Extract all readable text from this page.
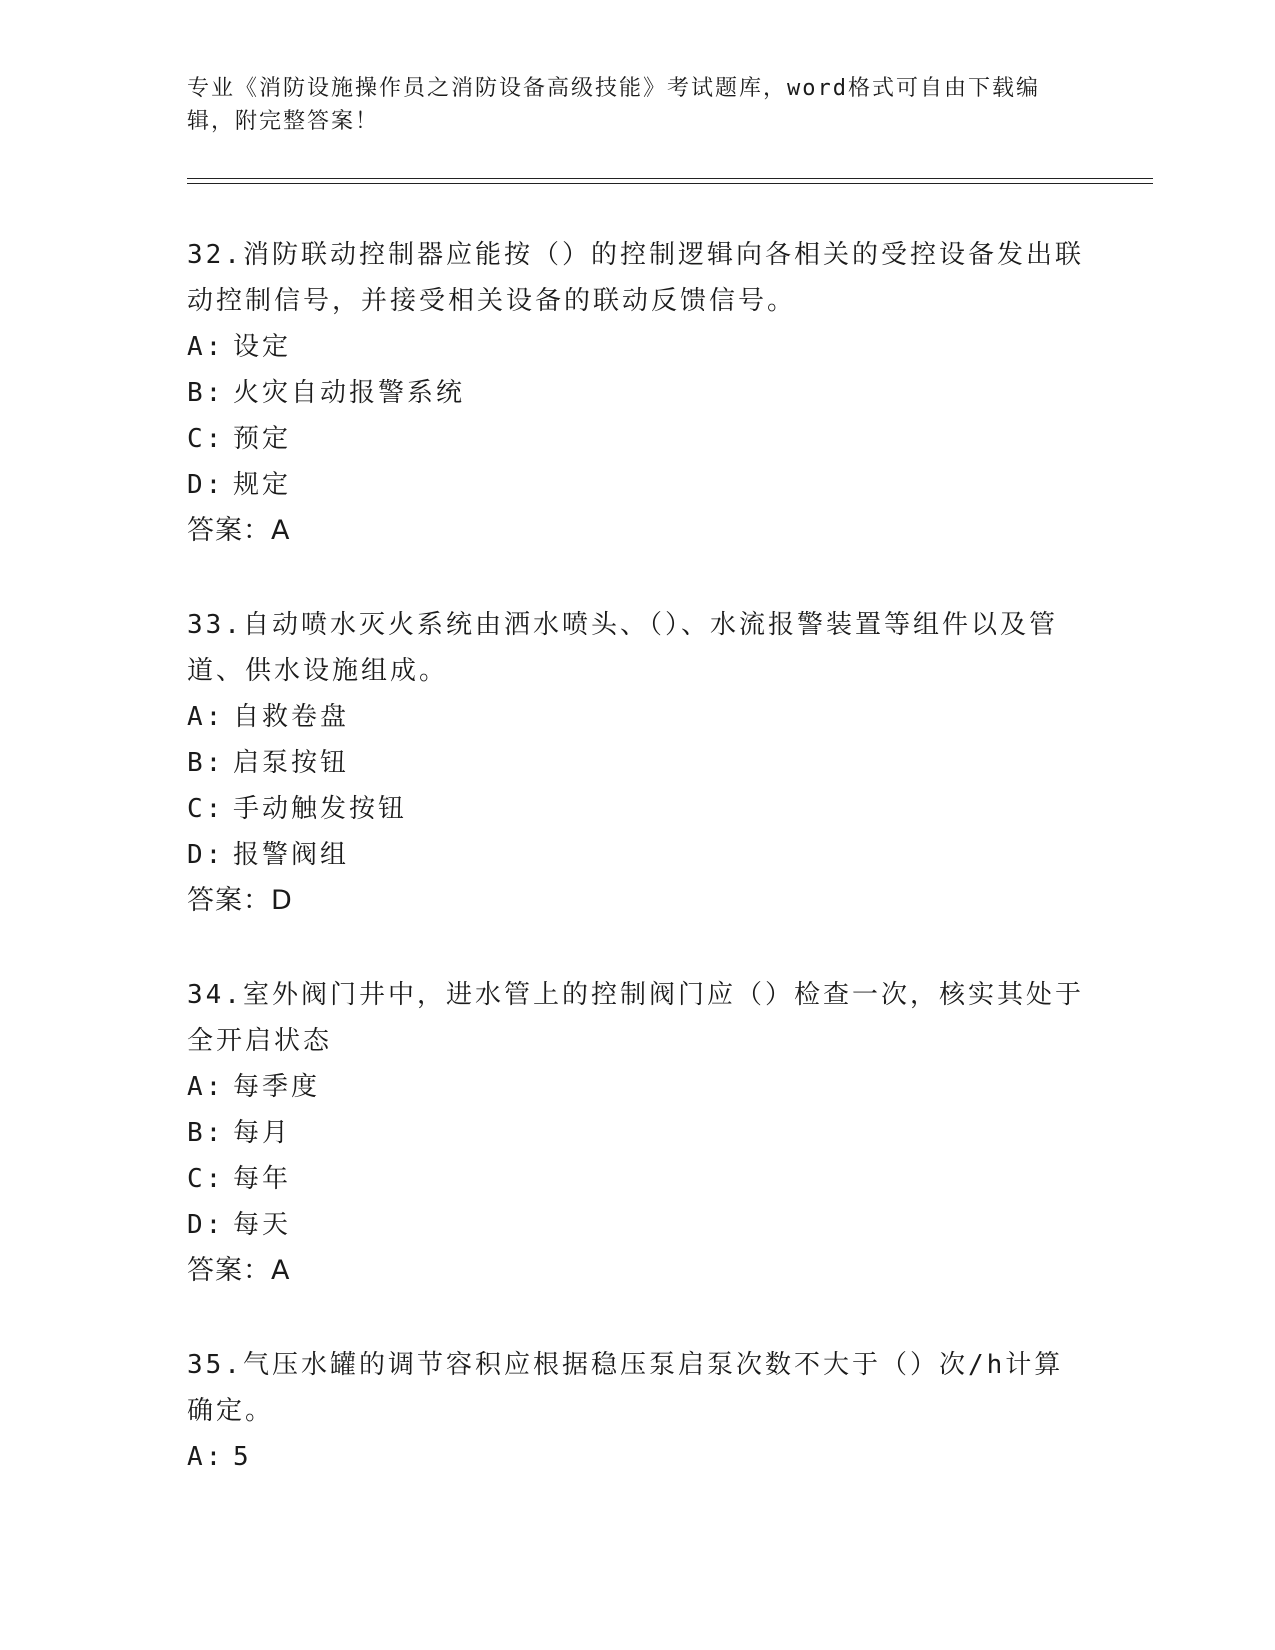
专业《消防设施操作员之消防设备高级技能》考试题库，word格式可自由下载编辑，附完整答案！

32.消防联动控制器应能按（）的控制逻辑向各相关的受控设备发出联动控制信号，并接受相关设备的联动反馈信号。

A: 设定

B: 火灾自动报警系统

C: 预定

D: 规定

答案：A

33.自动喷水灭火系统由洒水喷头、（）、水流报警装置等组件以及管道、供水设施组成。

A: 自救卷盘

B: 启泵按钮

C: 手动触发按钮

D: 报警阀组

答案：D

34.室外阀门井中，进水管上的控制阀门应（）检查一次，核实其处于全开启状态

A: 每季度

B: 每月

C: 每年

D: 每天

答案：A

35.气压水罐的调节容积应根据稳压泵启泵次数不大于（）次/h计算确定。

A: 5
